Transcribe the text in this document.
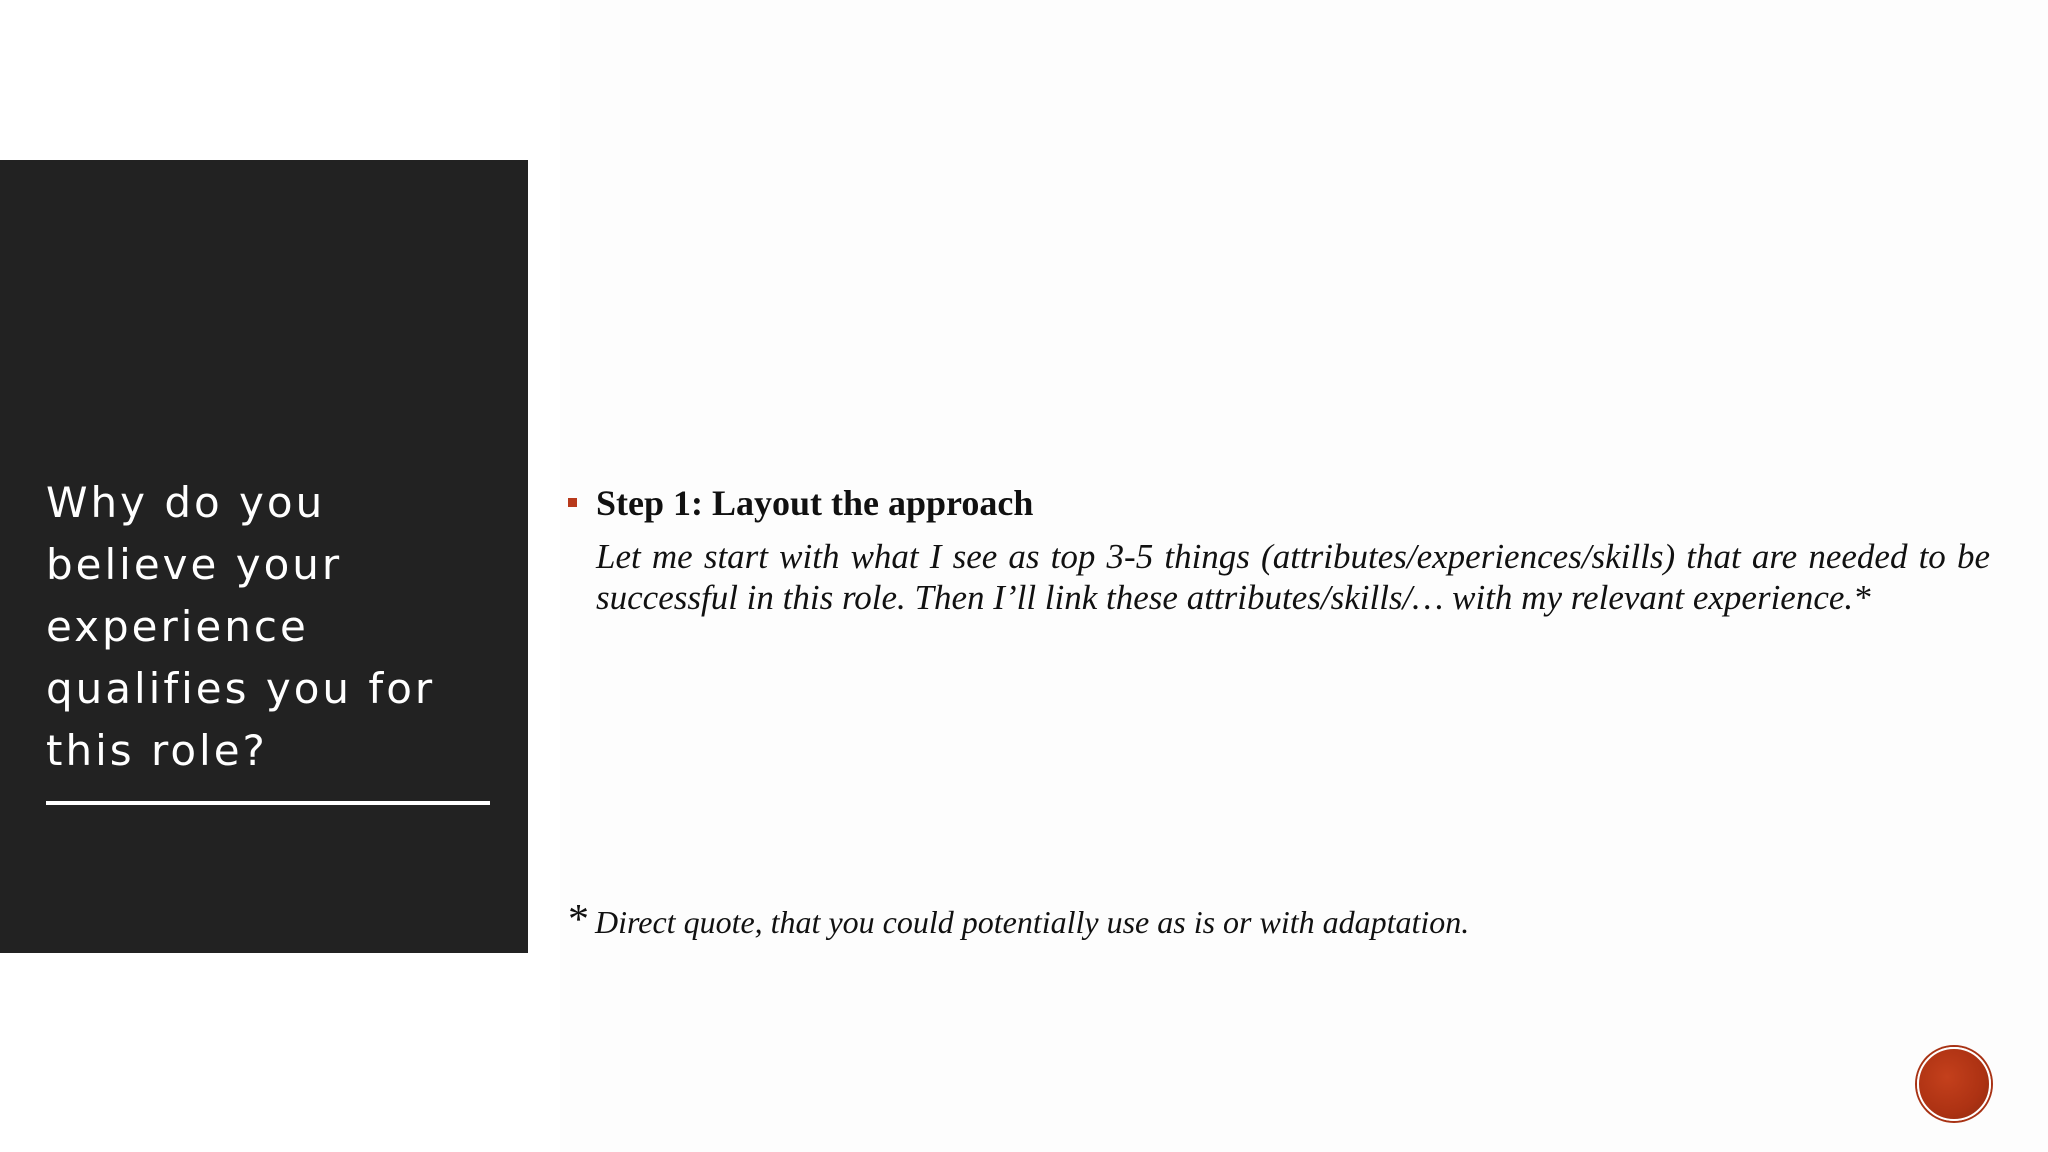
Why do you believe your experience qualifies you for this role?

Step 1: Layout the approach

Let me start with what I see as top 3-5 things (attributes/experiences/skills) that are needed to be successful in this role. Then I’ll link these attributes/skills/… with my relevant experience.*

* Direct quote, that you could potentially use as is or with adaptation.
